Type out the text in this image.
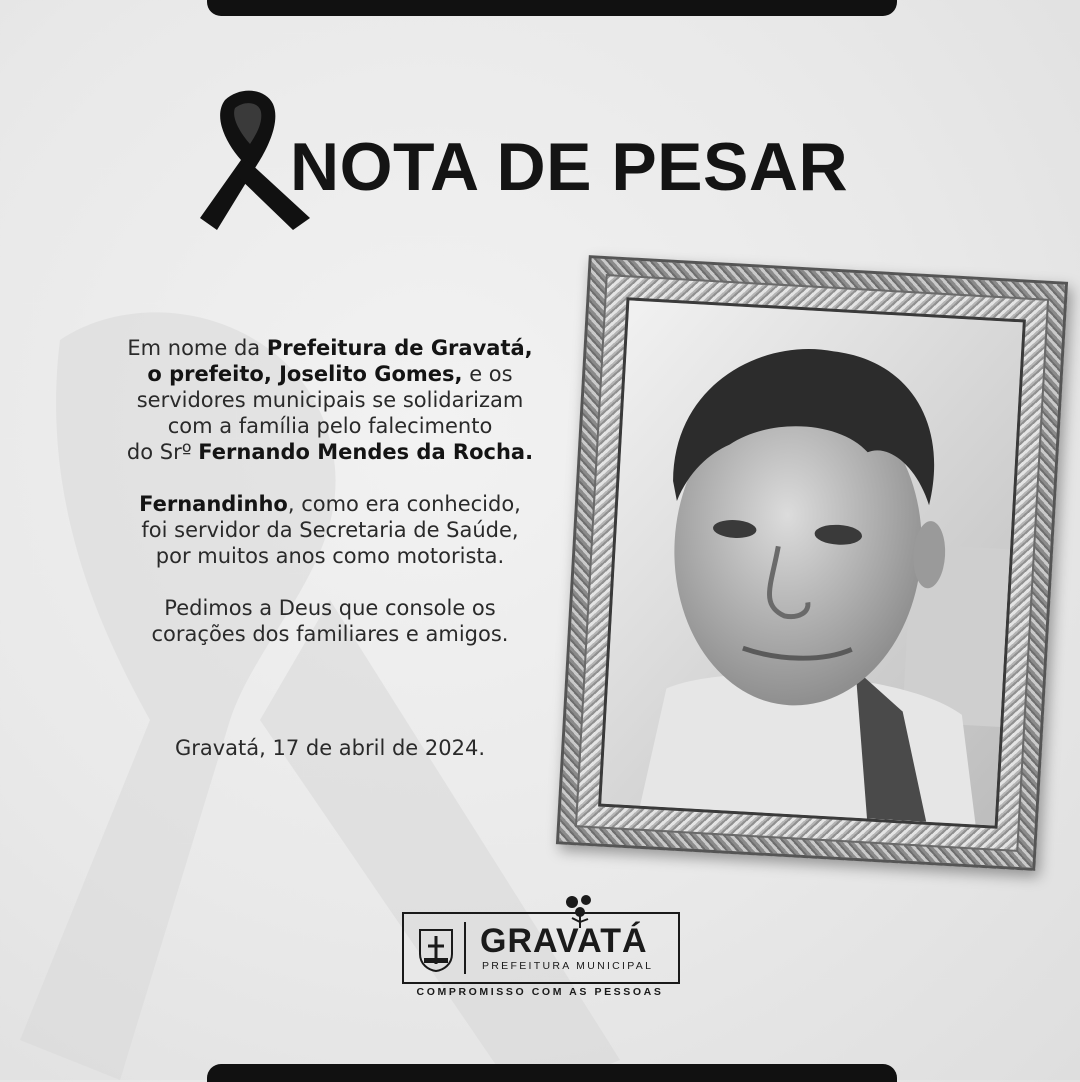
NOTA DE PESAR

Em nome da Prefeitura de Gravatá,
o prefeito, Joselito Gomes, e os
servidores municipais se solidarizam
com a família pelo falecimento
do Srº Fernando Mendes da Rocha.

Fernandinho, como era conhecido,
foi servidor da Secretaria de Saúde,
por muitos anos como motorista.

Pedimos a Deus que console os
corações dos familiares e amigos.

Gravatá, 17 de abril de 2024.
GRAVATÁ
PREFEITURA MUNICIPAL
COMPROMISSO COM AS PESSOAS
